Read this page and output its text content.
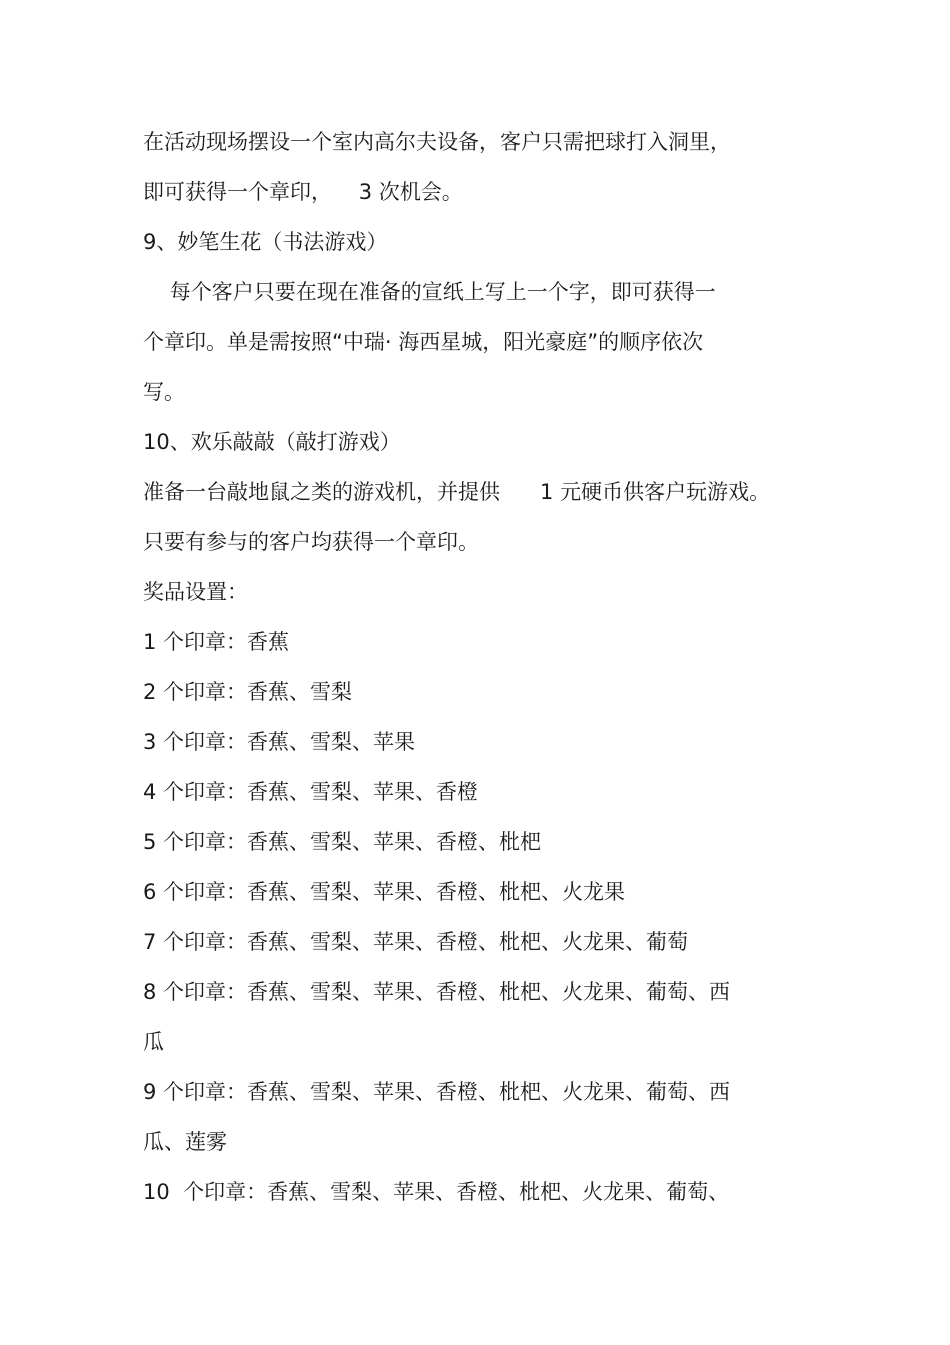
在活动现场摆设一个室内高尔夫设备，客户只需把球打入洞里，
即可获得一个章印，    3 次机会。
9、妙笔生花（书法游戏）
每个客户只要在现在准备的宣纸上写上一个字，即可获得一
个章印。单是需按照“中瑞· 海西星城，阳光豪庭”的顺序依次
写。
10、欢乐敲敲（敲打游戏）
准备一台敲地鼠之类的游戏机，并提供      1 元硬币供客户玩游戏。
只要有参与的客户均获得一个章印。
奖品设置：
1 个印章：香蕉
2 个印章：香蕉、雪梨
3 个印章：香蕉、雪梨、苹果
4 个印章：香蕉、雪梨、苹果、香橙
5 个印章：香蕉、雪梨、苹果、香橙、枇杷
6 个印章：香蕉、雪梨、苹果、香橙、枇杷、火龙果
7 个印章：香蕉、雪梨、苹果、香橙、枇杷、火龙果、葡萄
8 个印章：香蕉、雪梨、苹果、香橙、枇杷、火龙果、葡萄、西
瓜
9 个印章：香蕉、雪梨、苹果、香橙、枇杷、火龙果、葡萄、西
瓜、莲雾
10  个印章：香蕉、雪梨、苹果、香橙、枇杷、火龙果、葡萄、
